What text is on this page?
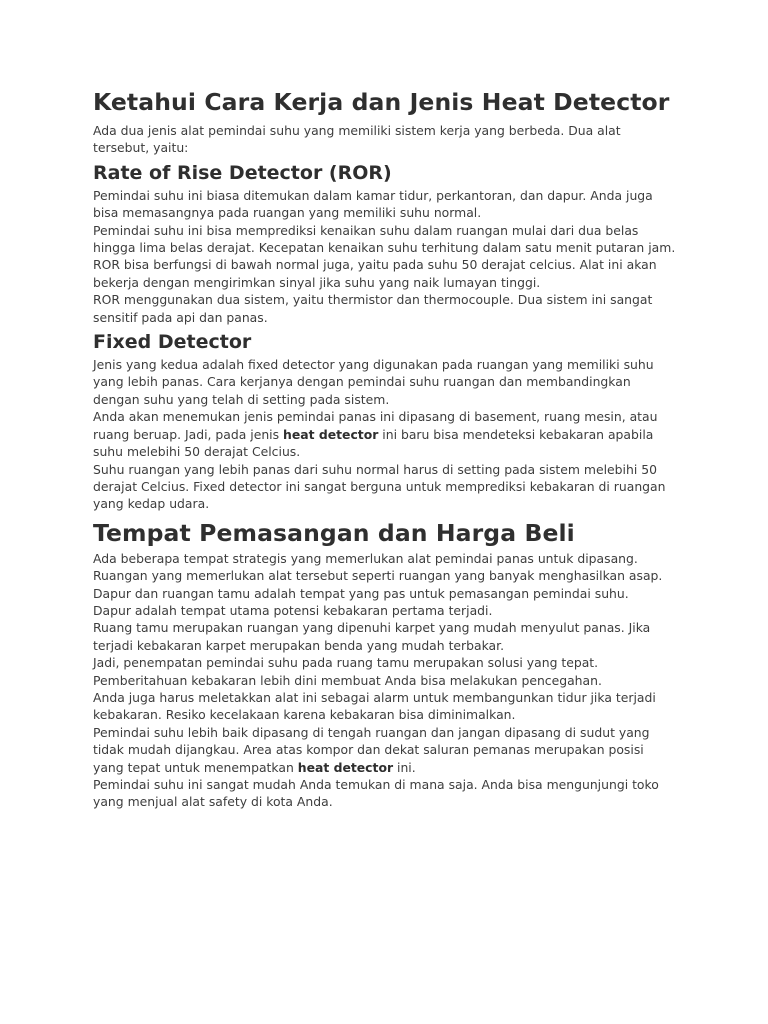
Ketahui Cara Kerja dan Jenis Heat Detector

Ada dua jenis alat pemindai suhu yang memiliki sistem kerja yang berbeda. Dua alat tersebut, yaitu:

Rate of Rise Detector (ROR)

Pemindai suhu ini biasa ditemukan dalam kamar tidur, perkantoran, dan dapur. Anda juga bisa memasangnya pada ruangan yang memiliki suhu normal.

Pemindai suhu ini bisa memprediksi kenaikan suhu dalam ruangan mulai dari dua belas hingga lima belas derajat. Kecepatan kenaikan suhu terhitung dalam satu menit putaran jam.

ROR bisa berfungsi di bawah normal juga, yaitu pada suhu 50 derajat celcius. Alat ini akan bekerja dengan mengirimkan sinyal jika suhu yang naik lumayan tinggi.

ROR menggunakan dua sistem, yaitu thermistor dan thermocouple. Dua sistem ini sangat sensitif pada api dan panas.

Fixed Detector

Jenis yang kedua adalah fixed detector yang digunakan pada ruangan yang memiliki suhu yang lebih panas. Cara kerjanya dengan pemindai suhu ruangan dan membandingkan dengan suhu yang telah di setting pada sistem.

Anda akan menemukan jenis pemindai panas ini dipasang di basement, ruang mesin, atau ruang beruap. Jadi, pada jenis heat detector ini baru bisa mendeteksi kebakaran apabila suhu melebihi 50 derajat Celcius.

Suhu ruangan yang lebih panas dari suhu normal harus di setting pada sistem melebihi 50 derajat Celcius. Fixed detector ini sangat berguna untuk memprediksi kebakaran di ruangan yang kedap udara.

Tempat Pemasangan dan Harga Beli

Ada beberapa tempat strategis yang memerlukan alat pemindai panas untuk dipasang.

Ruangan yang memerlukan alat tersebut seperti ruangan yang banyak menghasilkan asap.

Dapur dan ruangan tamu adalah tempat yang pas untuk pemasangan pemindai suhu.

Dapur adalah tempat utama potensi kebakaran pertama terjadi.

Ruang tamu merupakan ruangan yang dipenuhi karpet yang mudah menyulut panas. Jika terjadi kebakaran karpet merupakan benda yang mudah terbakar.

Jadi, penempatan pemindai suhu pada ruang tamu merupakan solusi yang tepat.

Pemberitahuan kebakaran lebih dini membuat Anda bisa melakukan pencegahan.

Anda juga harus meletakkan alat ini sebagai alarm untuk membangunkan tidur jika terjadi kebakaran. Resiko kecelakaan karena kebakaran bisa diminimalkan.

Pemindai suhu lebih baik dipasang di tengah ruangan dan jangan dipasang di sudut yang tidak mudah dijangkau. Area atas kompor dan dekat saluran pemanas merupakan posisi yang tepat untuk menempatkan heat detector ini.

Pemindai suhu ini sangat mudah Anda temukan di mana saja. Anda bisa mengunjungi toko yang menjual alat safety di kota Anda.
